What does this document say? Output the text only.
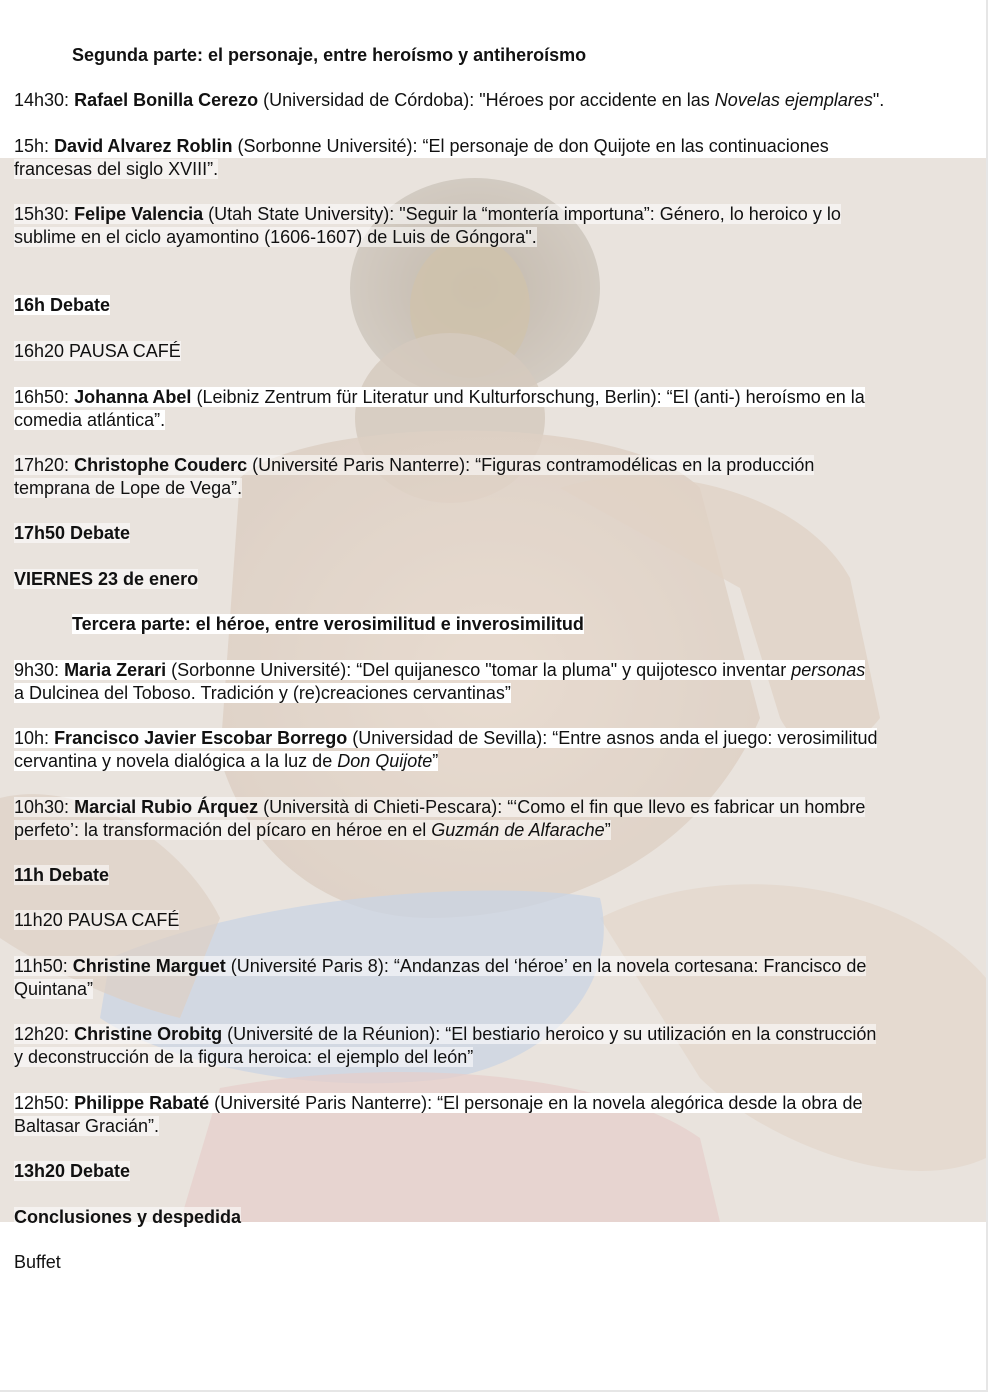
Segunda parte: el personaje, entre heroísmo y antiheroísmo
14h30: Rafael Bonilla Cerezo (Universidad de Córdoba): "Héroes por accidente en las Novelas ejemplares".
15h: David Alvarez Roblin (Sorbonne Université): “El personaje de don Quijote en las continuaciones
francesas del siglo XVIII”.
15h30: Felipe Valencia (Utah State University): "Seguir la “montería importuna”: Género, lo heroico y lo
sublime en el ciclo ayamontino (1606-1607) de Luis de Góngora".
16h Debate
16h20 PAUSA CAFÉ
16h50: Johanna Abel (Leibniz Zentrum für Literatur und Kulturforschung, Berlin): “El (anti-) heroísmo en la
comedia atlántica”.
17h20: Christophe Couderc (Université Paris Nanterre): “Figuras contramodélicas en la producción
temprana de Lope de Vega”.
17h50 Debate
VIERNES 23 de enero
Tercera parte: el héroe, entre verosimilitud e inverosimilitud
9h30: Maria Zerari (Sorbonne Université): “Del quijanesco "tomar la pluma" y quijotesco inventar personas
a Dulcinea del Toboso. Tradición y (re)creaciones cervantinas”
10h: Francisco Javier Escobar Borrego (Universidad de Sevilla): “Entre asnos anda el juego: verosimilitud
cervantina y novela dialógica a la luz de Don Quijote”
10h30: Marcial Rubio Árquez (Università di Chieti-Pescara): “‘Como el fin que llevo es fabricar un hombre
perfeto’: la transformación del pícaro en héroe en el Guzmán de Alfarache”
11h Debate
11h20 PAUSA CAFÉ
11h50: Christine Marguet (Université Paris 8): “Andanzas del ‘héroe’ en la novela cortesana: Francisco de
Quintana”
12h20: Christine Orobitg (Université de la Réunion): “El bestiario heroico y su utilización en la construcción
y deconstrucción de la figura heroica: el ejemplo del león”
12h50: Philippe Rabaté (Université Paris Nanterre): “El personaje en la novela alegórica desde la obra de
Baltasar Gracián”.
13h20 Debate
Conclusiones y despedida
Buffet
